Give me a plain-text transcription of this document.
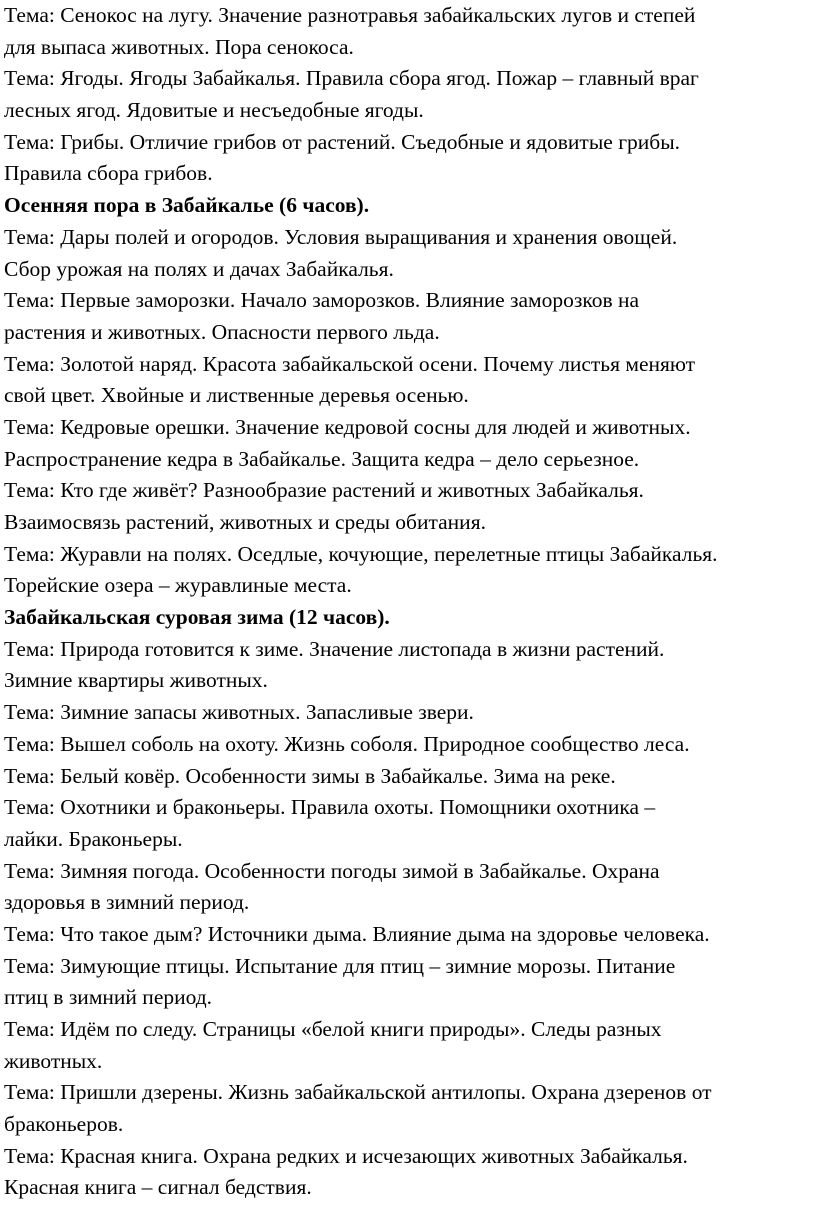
Тема: Сенокос на лугу. Значение разнотравья забайкальских лугов и степей
для выпаса животных. Пора сенокоса.
Тема: Ягоды. Ягоды Забайкалья. Правила сбора ягод. Пожар – главный враг
лесных ягод. Ядовитые и несъедобные ягоды.
Тема: Грибы. Отличие грибов от растений. Съедобные и ядовитые грибы.
Правила сбора грибов.
Осенняя пора в Забайкалье (6 часов).
Тема: Дары полей и огородов. Условия выращивания и хранения овощей.
Сбор урожая на полях и дачах Забайкалья.
Тема: Первые заморозки. Начало заморозков. Влияние заморозков на
растения и животных. Опасности первого льда.
Тема: Золотой наряд. Красота забайкальской осени. Почему листья меняют
свой цвет. Хвойные и лиственные деревья осенью.
Тема: Кедровые орешки. Значение кедровой сосны для людей и животных.
Распространение кедра в Забайкалье. Защита кедра – дело серьезное.
Тема: Кто где живёт? Разнообразие растений и животных Забайкалья.
Взаимосвязь растений, животных и среды обитания.
Тема: Журавли на полях. Оседлые, кочующие, перелетные птицы Забайкалья.
Торейские озера – журавлиные места.
Забайкальская суровая зима (12 часов).
Тема: Природа готовится к зиме. Значение листопада в жизни растений.
Зимние квартиры животных.
Тема: Зимние запасы животных. Запасливые звери.
Тема: Вышел соболь на охоту. Жизнь соболя. Природное сообщество леса.
Тема: Белый ковёр. Особенности зимы в Забайкалье. Зима на реке.
Тема: Охотники и браконьеры. Правила охоты. Помощники охотника –
лайки. Браконьеры.
Тема: Зимняя погода. Особенности погоды зимой в Забайкалье. Охрана
здоровья в зимний период.
Тема: Что такое дым? Источники дыма. Влияние дыма на здоровье человека.
Тема: Зимующие птицы. Испытание для птиц – зимние морозы. Питание
птиц в зимний период.
Тема: Идём по следу. Страницы «белой книги природы». Следы разных
животных.
Тема: Пришли дзерены. Жизнь забайкальской антилопы. Охрана дзеренов от
браконьеров.
Тема: Красная книга. Охрана редких и исчезающих животных Забайкалья.
Красная книга – сигнал бедствия.
